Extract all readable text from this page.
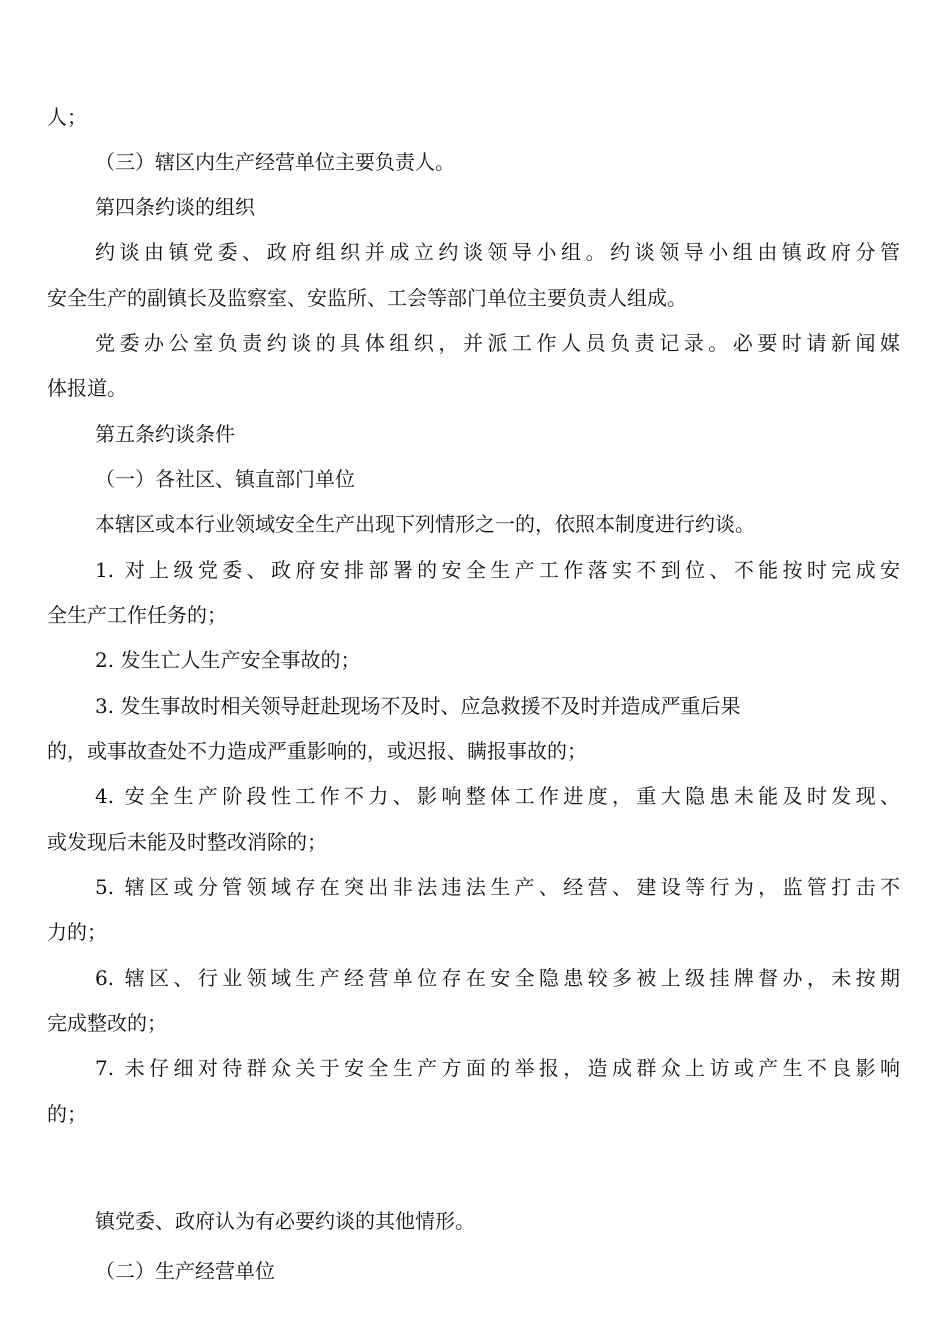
人；

（三）辖区内生产经营单位主要负责人。

第四条约谈的组织

约谈由镇党委、政府组织并成立约谈领导小组。约谈领导小组由镇政府分管

安全生产的副镇长及监察室、安监所、工会等部门单位主要负责人组成。

党委办公室负责约谈的具体组织，并派工作人员负责记录。必要时请新闻媒

体报道。

第五条约谈条件

（一）各社区、镇直部门单位

本辖区或本行业领域安全生产出现下列情形之一的，依照本制度进行约谈。

1. 对上级党委、政府安排部署的安全生产工作落实不到位、不能按时完成安

全生产工作任务的；

2. 发生亡人生产安全事故的；

3. 发生事故时相关领导赶赴现场不及时、应急救援不及时并造成严重后果

的，或事故查处不力造成严重影响的，或迟报、瞒报事故的；

4. 安全生产阶段性工作不力、影响整体工作进度，重大隐患未能及时发现、

或发现后未能及时整改消除的；

5. 辖区或分管领域存在突出非法违法生产、经营、建设等行为，监管打击不

力的；

6. 辖区、行业领域生产经营单位存在安全隐患较多被上级挂牌督办，未按期

完成整改的；

7. 未仔细对待群众关于安全生产方面的举报，造成群众上访或产生不良影响

的；

镇党委、政府认为有必要约谈的其他情形。

（二）生产经营单位
